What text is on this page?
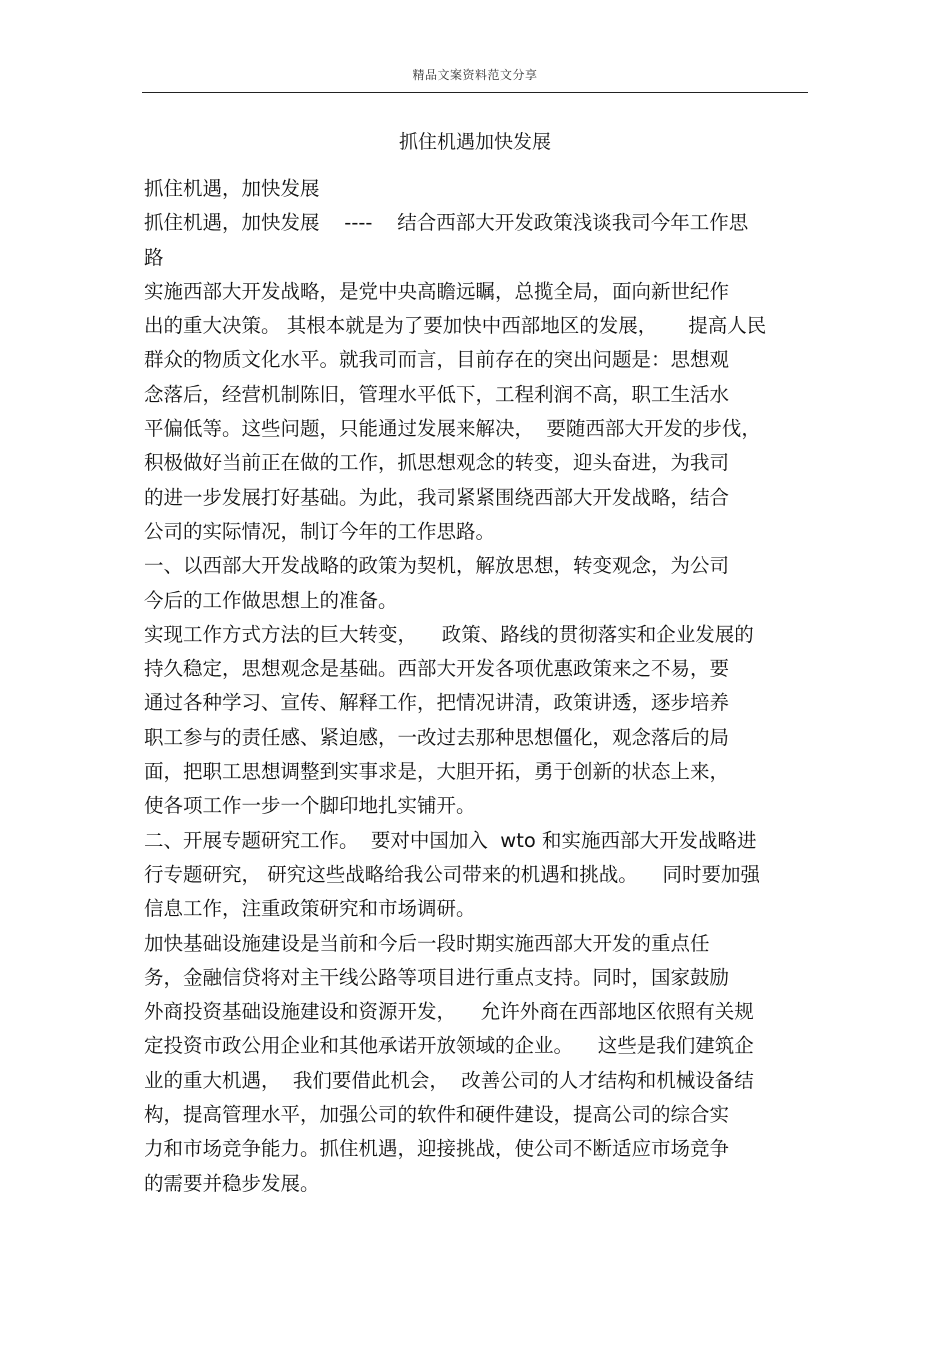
精品文案资料范文分享
抓住机遇加快发展
抓住机遇，加快发展
抓住机遇，加快发展    ----    结合西部大开发政策浅谈我司今年工作思
路
实施西部大开发战略，是党中央高瞻远瞩，总揽全局，面向新世纪作
出的重大决策。 其根本就是为了要加快中西部地区的发展，     提高人民
群众的物质文化水平。就我司而言，目前存在的突出问题是：思想观
念落后，经营机制陈旧，管理水平低下，工程利润不高，职工生活水
平偏低等。这些问题，只能通过发展来解决，  要随西部大开发的步伐，
积极做好当前正在做的工作，抓思想观念的转变，迎头奋进，为我司
的进一步发展打好基础。为此，我司紧紧围绕西部大开发战略，结合
公司的实际情况，制订今年的工作思路。
一、以西部大开发战略的政策为契机，解放思想，转变观念，为公司
今后的工作做思想上的准备。
实现工作方式方法的巨大转变，    政策、路线的贯彻落实和企业发展的
持久稳定，思想观念是基础。西部大开发各项优惠政策来之不易，要
通过各种学习、宣传、解释工作，把情况讲清，政策讲透，逐步培养
职工参与的责任感、紧迫感，一改过去那种思想僵化，观念落后的局
面，把职工思想调整到实事求是，大胆开拓，勇于创新的状态上来，
使各项工作一步一个脚印地扎实铺开。
二、开展专题研究工作。  要对中国加入  wto 和实施西部大开发战略进
行专题研究， 研究这些战略给我公司带来的机遇和挑战。    同时要加强
信息工作，注重政策研究和市场调研。
加快基础设施建设是当前和今后一段时期实施西部大开发的重点任
务，金融信贷将对主干线公路等项目进行重点支持。同时，国家鼓励
外商投资基础设施建设和资源开发，    允许外商在西部地区依照有关规
定投资市政公用企业和其他承诺开放领域的企业。    这些是我们建筑企
业的重大机遇，  我们要借此机会，  改善公司的人才结构和机械设备结
构，提高管理水平，加强公司的软件和硬件建设，提高公司的综合实
力和市场竞争能力。抓住机遇，迎接挑战，使公司不断适应市场竞争
的需要并稳步发展。
